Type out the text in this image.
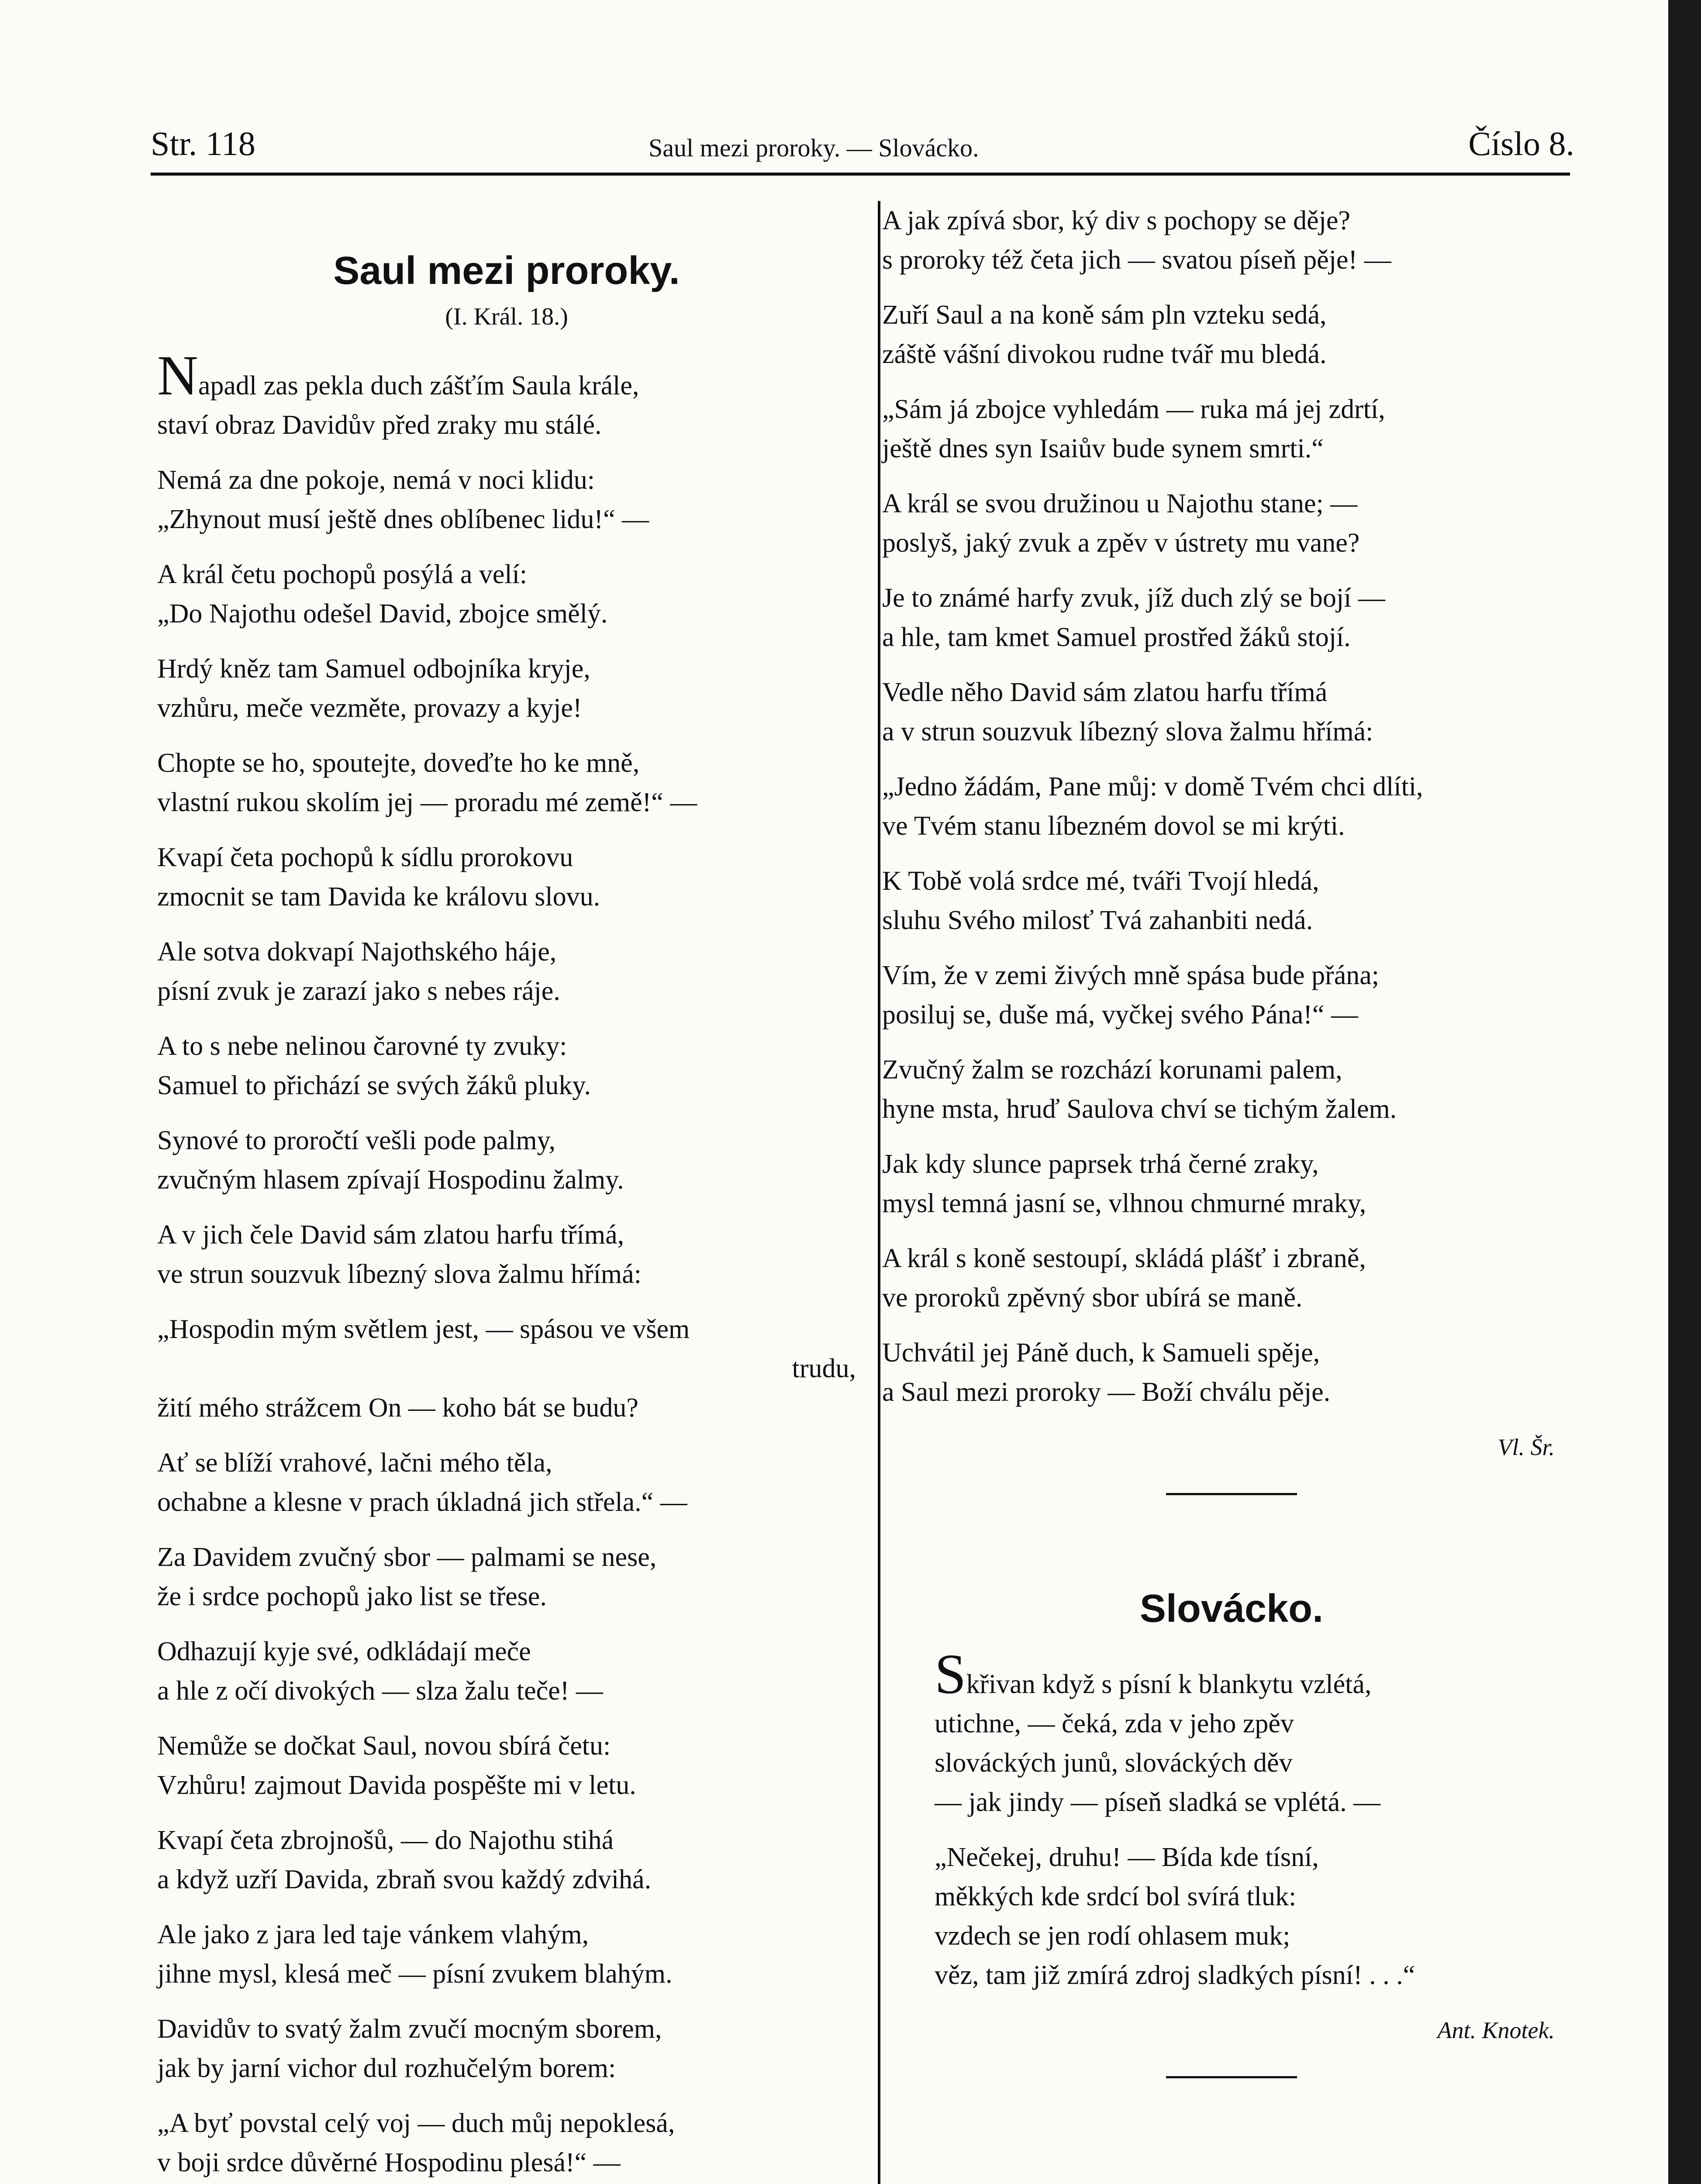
Str. 118	Saul mezi proroky. — Slovácko.	Číslo 8.
Saul mezi proroky.

(I. Král. 18.)

Napadl zas pekla duch zášťím Saula krále,
staví obraz Davidův před zraky mu stálé.
Nemá za dne pokoje, nemá v noci klidu:
„Zhynout musí ještě dnes oblíbenec lidu!“ —
A král četu pochopů posýlá a velí:
„Do Najothu odešel David, zbojce smělý.
Hrdý kněz tam Samuel odbojníka kryje,
vzhůru, meče vezměte, provazy a kyje!
Chopte se ho, spoutejte, doveďte ho ke mně,
vlastní rukou skolím jej — proradu mé země!“ —
Kvapí četa pochopů k sídlu prorokovu
zmocnit se tam Davida ke královu slovu.
Ale sotva dokvapí Najothského háje,
písní zvuk je zarazí jako s nebes ráje.
A to s nebe nelinou čarovné ty zvuky:
Samuel to přichází se svých žáků pluky.
Synové to proročtí vešli pode palmy,
zvučným hlasem zpívají Hospodinu žalmy.
A v jich čele David sám zlatou harfu třímá,
ve strun souzvuk líbezný slova žalmu hřímá:
„Hospodin mým světlem jest, — spásou ve všem
trudu,
žití mého strážcem On — koho bát se budu?
Ať se blíží vrahové, lačni mého těla,
ochabne a klesne v prach úkladná jich střela.“ —
Za Davidem zvučný sbor — palmami se nese,
že i srdce pochopů jako list se třese.
Odhazují kyje své, odkládají meče
a hle z očí divokých — slza žalu teče! —
Nemůže se dočkat Saul, novou sbírá četu:
Vzhůru! zajmout Davida pospěšte mi v letu.
Kvapí četa zbrojnošů, — do Najothu stihá
a když uzří Davida, zbraň svou každý zdvihá.
Ale jako z jara led taje vánkem vlahým,
jihne mysl, klesá meč — písní zvukem blahým.
Davidův to svatý žalm zvučí mocným sborem,
jak by jarní vichor dul rozhučelým borem:
„A byť povstal celý voj — duch můj nepoklesá,
v boji srdce důvěrné Hospodinu plesá!“ —
A jak zpívá sbor, ký div s pochopy se děje?
s proroky též četa jich — svatou píseň pěje! —
Zuří Saul a na koně sám pln vzteku sedá,
záště vášní divokou rudne tvář mu bledá.
„Sám já zbojce vyhledám — ruka má jej zdrtí,
ještě dnes syn Isaiův bude synem smrti.“
A král se svou družinou u Najothu stane; —
poslyš, jaký zvuk a zpěv v ústrety mu vane?
Je to známé harfy zvuk, jíž duch zlý se bojí —
a hle, tam kmet Samuel prostřed žáků stojí.
Vedle něho David sám zlatou harfu třímá
a v strun souzvuk líbezný slova žalmu hřímá:
„Jedno žádám, Pane můj: v domě Tvém chci dlíti,
ve Tvém stanu líbezném dovol se mi krýti.
K Tobě volá srdce mé, tváři Tvojí hledá,
sluhu Svého milosť Tvá zahanbiti nedá.
Vím, že v zemi živých mně spása bude přána;
posiluj se, duše má, vyčkej svého Pána!“ —
Zvučný žalm se rozchází korunami palem,
hyne msta, hruď Saulova chví se tichým žalem.
Jak kdy slunce paprsek trhá černé zraky,
mysl temná jasní se, vlhnou chmurné mraky,
A král s koně sestoupí, skládá plášť i zbraně,
ve proroků zpěvný sbor ubírá se maně.
Uchvátil jej Páně duch, k Samueli spěje,
a Saul mezi proroky — Boží chválu pěje.
Vl. Šr.
Slovácko.
Skřivan když s písní k blankytu vzlétá,
utichne, — čeká, zda v jeho zpěv
slováckých junů, slováckých děv
— jak jindy — píseň sladká se vplétá. —
„Nečekej, druhu! — Bída kde tísní,
měkkých kde srdcí bol svírá tluk:
vzdech se jen rodí ohlasem muk;
věz, tam již zmírá zdroj sladkých písní! . . .“
Ant. Knotek.
